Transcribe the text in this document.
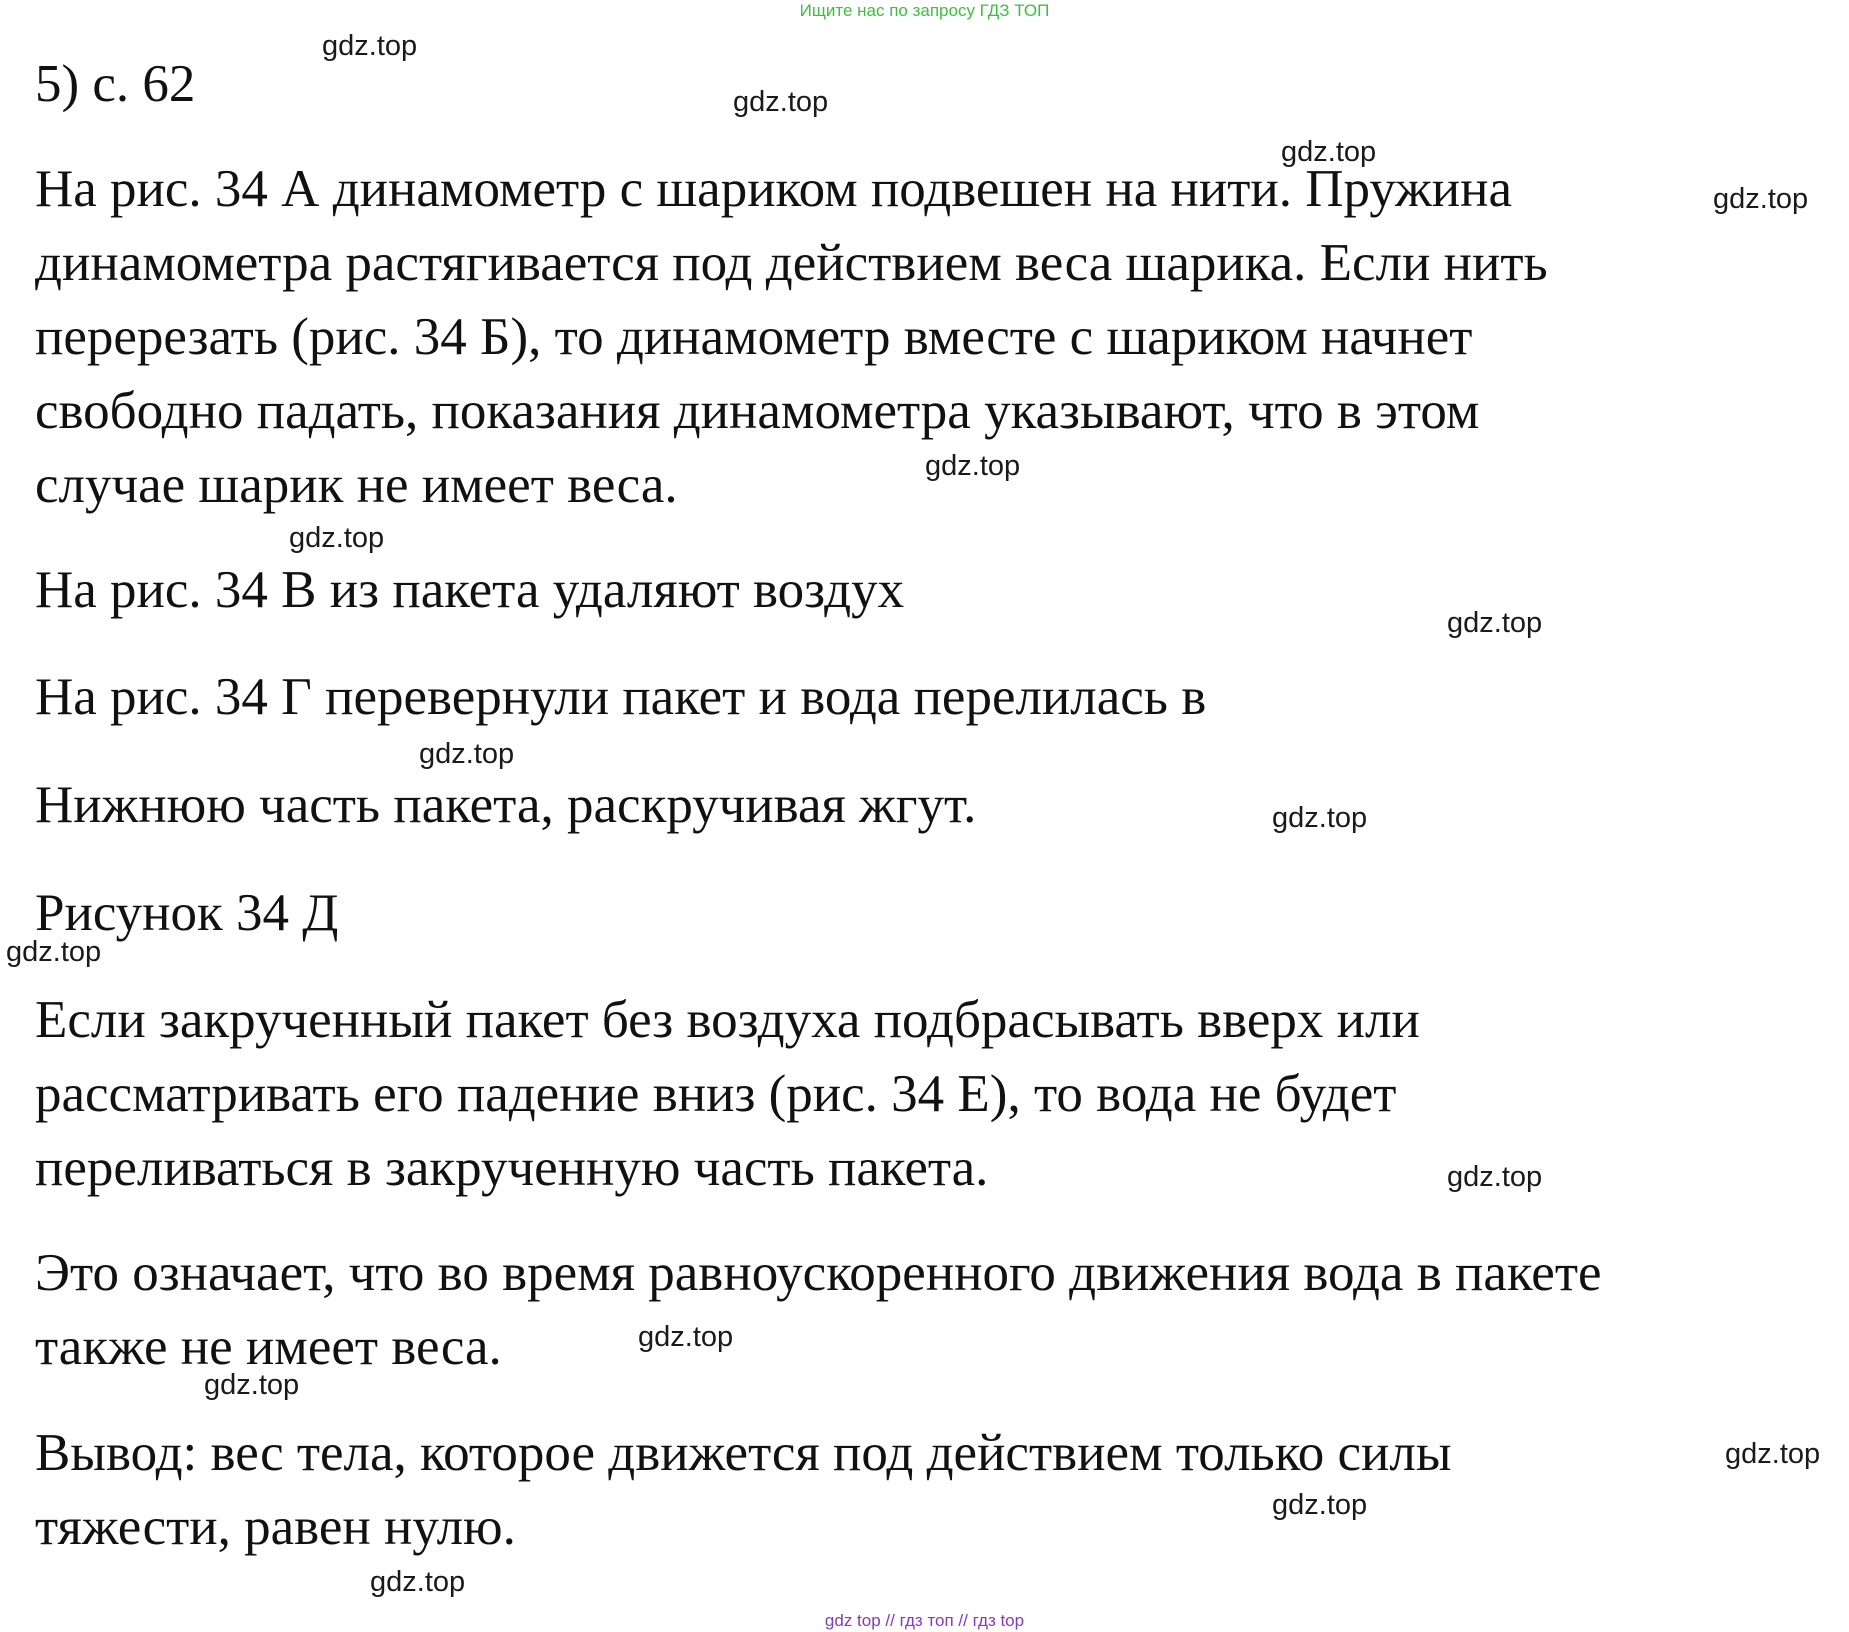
Ищите нас по запросу ГДЗ ТОП
5) с. 62
На рис. 34 А динамометр с шариком подвешен на нити. Пружина
динамометра растягивается под действием веса шарика. Если нить
перерезать (рис. 34 Б), то динамометр вместе с шариком начнет
свободно падать, показания динамометра указывают, что в этом
случае шарик не имеет веса.
На рис. 34 В из пакета удаляют воздух
На рис. 34 Г перевернули пакет и вода перелилась в
Нижнюю часть пакета, раскручивая жгут.
Рисунок 34 Д
Если закрученный пакет без воздуха подбрасывать вверх или
рассматривать его падение вниз (рис. 34 Е), то вода не будет
переливаться в закрученную часть пакета.
Это означает, что во время равноускоренного движения вода в пакете
также не имеет веса.
Вывод: вес тела, которое движется под действием только силы
тяжести, равен нулю.
gdz.top
gdz.top
gdz.top
gdz.top
gdz.top
gdz.top
gdz.top
gdz.top
gdz.top
gdz.top
gdz.top
gdz.top
gdz.top
gdz.top
gdz.top
gdz.top
gdz top // гдз топ // гдз top
